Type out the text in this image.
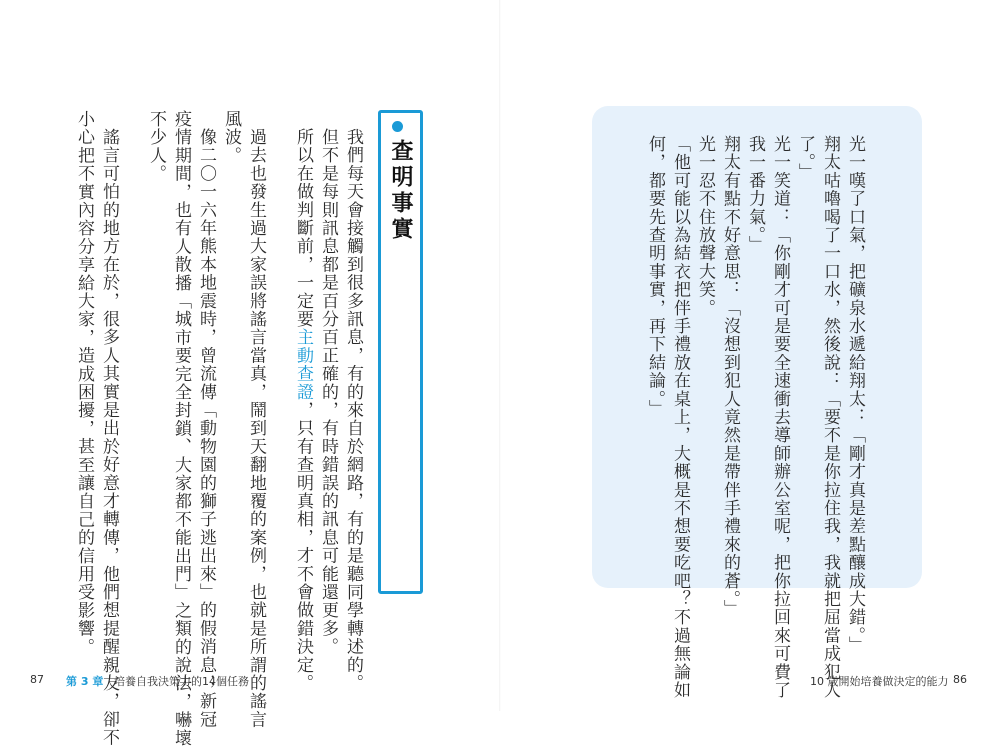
光一嘆了口氣，把礦泉水遞給翔太：「剛才真是差點釀成大錯。」
翔太咕嚕喝了一口水，然後說：「要不是你拉住我，我就把屈當成犯人
了。」
光一笑道：「你剛才可是要全速衝去導師辦公室呢，把你拉回來可費了
我一番力氣。」
翔太有點不好意思：「沒想到犯人竟然是帶伴手禮來的蒼。」
光一忍不住放聲大笑。
「他可能以為結衣把伴手禮放在桌上，大概是不想要吃吧？不過無論如
何，都要先查明事實，再下結論。」
查明事實
我們每天會接觸到很多訊息，有的來自於網路，有的是聽同學轉述的。
但不是每則訊息都是百分百正確的，有時錯誤的訊息可能還更多。
所以在做判斷前，一定要主動查證，只有查明真相，才不會做錯決定。
過去也發生過大家誤將謠言當真，鬧到天翻地覆的案例，也就是所謂的謠言
風波。
像二〇一六年熊本地震時，曾流傳「動物園的獅子逃出來」的假消息；新冠
疫情期間，也有人散播「城市要完全封鎖、大家都不能出門」之類的說法，嚇壞
不少人。
謠言可怕的地方在於，很多人其實是出於好意才轉傳，他們想提醒親友，卻不
小心把不實內容分享給大家，造成困擾，甚至讓自己的信用受影響。
87 第 3 章 培養自我決策力的14個任務	10 歲開始培養做決定的能力 86
